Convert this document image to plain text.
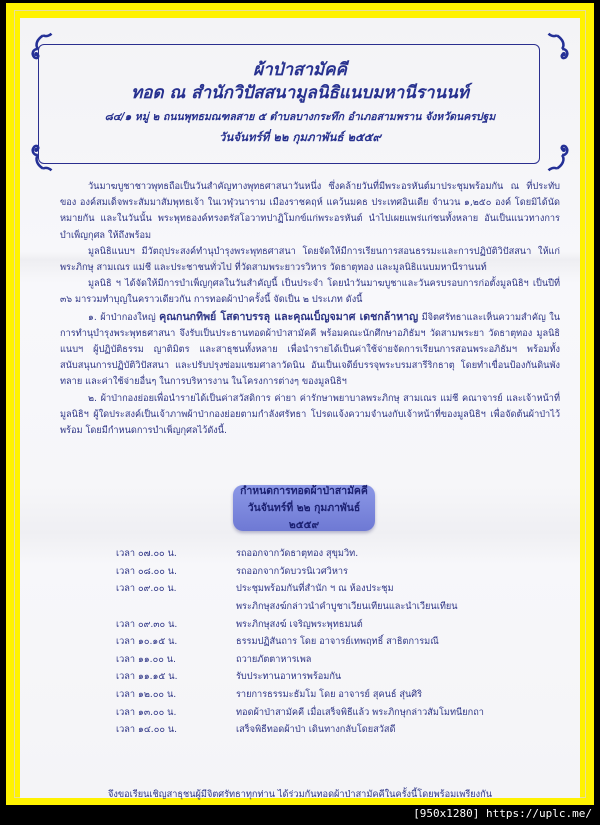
ผ้าป่าสามัคคี
ทอด ณ สำนักวิปัสสนามูลนิธิแนบมหานีรานนท์
๘๔/๑ หมู่ ๒ ถนนพุทธมณฑลสาย ๕ ตำบลบางกระทึก อำเภอสามพราน จังหวัดนครปฐม
วันจันทร์ที่ ๒๒ กุมภาพันธ์ ๒๕๕๙

วันมาฆบูชาชาวพุทธถือเป็นวันสำคัญทางพุทธศาสนาวันหนึ่ง ซึ่งคล้ายวันที่มีพระอรหันต์มาประชุมพร้อมกัน ณ ที่ประทับของ องค์สมเด็จพระสัมมาสัมพุทธเจ้า ในเวฬุวนาราม เมืองราชคฤห์ แคว้นมคธ ประเทศอินเดีย จำนวน ๑,๒๕๐ องค์ โดยมิได้นัดหมายกัน และในวันนั้น พระพุทธองค์ทรงตรัสโอวาทปาฏิโมกข์แก่พระอรหันต์ นำไปเผยแพร่แก่ชนทั้งหลาย อันเป็นแนวทางการบำเพ็ญกุศล ให้ถึงพร้อม

มูลนิธิแนบฯ มีวัตถุประสงค์ทำนุบำรุงพระพุทธศาสนา โดยจัดให้มีการเรียนการสอนธรรมะและการปฏิบัติวิปัสสนา ให้แก่ พระภิกษุ สามเณร แม่ชี และประชาชนทั่วไป ที่วัดสามพระยาวรวิหาร วัดธาตุทอง และมูลนิธิแนบมหานีรานนท์

มูลนิธิ ฯ ได้จัดให้มีการบำเพ็ญกุศลในวันสำคัญนี้ เป็นประจำ โดยนำวันมาฆบูชาและวันครบรอบการก่อตั้งมูลนิธิฯ เป็นปีที่ ๓๖ มารวมทำบุญในคราวเดียวกัน การทอดผ้าป่าครั้งนี้ จัดเป็น ๒ ประเภท ดังนี้

๑. ผ้าป่ากองใหญ่ คุณกนกทิพย์ โสดาบรรลุ และคุณเบ็ญจมาศ เดชกล้าหาญ มีจิตศรัทธาและเห็นความสำคัญ ในการทำนุบำรุงพระพุทธศาสนา จึงรับเป็นประธานทอดผ้าป่าสามัคคี พร้อมคณะนักศึกษาอภิธัมฯ วัดสามพระยา วัดธาตุทอง มูลนิธิแนบฯ ผู้ปฏิบัติธรรม ญาติมิตร และสาธุชนทั้งหลาย เพื่อนำรายได้เป็นค่าใช้จ่ายจัดการเรียนการสอนพระอภิธัมฯ พร้อมทั้ง สนับสนุนการปฏิบัติวิปัสสนา และปรับปรุงซ่อมแซมศาลาวัดนิน อันเป็นเจดีย์บรรจุพระบรมสารีริกธาตุ โดยทำเขื่อนป้องกันดินพังทลาย และค่าใช้จ่ายอื่นๆ ในการบริหารงาน ในโครงการต่างๆ ของมูลนิธิฯ

๒. ผ้าป่ากองย่อยเพื่อนำรายได้เป็นค่าสวัสดิการ ค่ายา ค่ารักษาพยาบาลพระภิกษุ สามเณร แม่ชี คณาจารย์ และเจ้าหน้าที่มูลนิธิฯ ผู้ใดประสงค์เป็นเจ้าภาพผ้าป่ากองย่อยตามกำลังศรัทธา โปรดแจ้งความจำนงกับเจ้าหน้าที่ของมูลนิธิฯ เพื่อจัดต้นผ้าป่าไว้พร้อม โดยมีกำหนดการบำเพ็ญกุศลไว้ดังนี้.

กำหนดการทอดผ้าป่าสามัคคี
วันจันทร์ที่ ๒๒ กุมภาพันธ์ ๒๕๕๙
เวลา ๐๗.๐๐ น.	รถออกจากวัดธาตุทอง สุขุมวิท.
เวลา ๐๘.๐๐ น.	รถออกจากวัดบวรนิเวศวิหาร
เวลา ๐๙.๐๐ น.	ประชุมพร้อมกันที่สำนัก ฯ ณ ห้องประชุม
พระภิกษุสงฆ์กล่าวนำคำบูชาเวียนเทียนและนำเวียนเทียน
เวลา ๐๙.๓๐ น.	พระภิกษุสงฆ์ เจริญพระพุทธมนต์
เวลา ๑๐.๑๕ น.	ธรรมปฏิสันถาร โดย อาจารย์เทพฤทธิ์ สาธิตการมณี
เวลา ๑๑.๐๐ น.	ถวายภัตตาหารเพล
เวลา ๑๑.๑๕ น.	รับประทานอาหารพร้อมกัน
เวลา ๑๒.๐๐ น.	รายการธรรมะธัมโม โดย อาจารย์ สุคนธ์ สุ่นศิริ
เวลา ๑๓.๐๐ น.	ทอดผ้าป่าสามัคคี เมื่อเสร็จพิธีแล้ว พระภิกษุกล่าวสัมโมทนียกถา
เวลา ๑๔.๐๐ น.	เสร็จพิธีทอดผ้าป่า เดินทางกลับโดยสวัสดี
จึงขอเรียนเชิญสาธุชนผู้มีจิตศรัทธาทุกท่าน ได้ร่วมกันทอดผ้าป่าสามัคคีในครั้งนี้โดยพร้อมเพรียงกัน
[950x1280] https://uplc.me/
